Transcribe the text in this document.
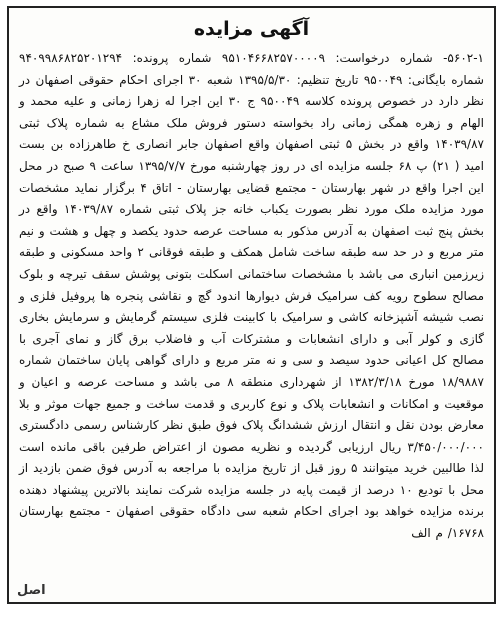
آگهی مزایده
۵۶۰۲-۱- شماره درخواست: ۹۵۱۰۴۶۶۸۲۵۷۰۰۰۰۹ شماره پرونده: ۹۴۰۹۹۸۶۸۲۵۲۰۱۲۹۴ شماره بایگانی: ۹۵۰۰۴۹ تاریخ تنظیم: ۱۳۹۵/۵/۳۰ شعبه ۳۰ اجرای احکام حقوقی اصفهان در نظر دارد در خصوص پرونده کلاسه ۹۵۰۰۴۹ ج ۳۰ این اجرا له زهرا زمانی و علیه محمد و الهام و زهره همگی زمانی راد بخواسته دستور فروش ملک مشاع به شماره پلاک ثبتی ۱۴۰۳۹/۸۷ واقع در بخش ۵ ثبتی اصفهان واقع اصفهان جابر انصاری خ طاهرزاده بن بست امید ( ۲۱) پ ۶۸ جلسه مزایده ای در روز چهارشنبه مورخ ۱۳۹۵/۷/۷ ساعت ۹ صبح در محل این اجرا واقع در شهر بهارستان - مجتمع قضایی بهارستان - اتاق ۴ برگزار نماید مشخصات مورد مزایده ملک مورد نظر بصورت یکباب خانه جز پلاک ثبتی شماره ۱۴۰۳۹/۸۷ واقع در بخش پنج ثبت اصفهان به آدرس مذکور به مساحت عرصه حدود یکصد و چهل و هشت و نیم متر مربع و در حد سه طبقه ساخت شامل همکف و طبقه فوقانی ۲ واحد مسکونی و طبقه زیرزمین انباری می باشد با مشخصات ساختمانی اسکلت بتونی پوشش سقف تیرچه و بلوک مصالح سطوح رویه کف سرامیک فرش دیوارها اندود گچ و نقاشی پنجره ها پروفیل فلزی و نصب شیشه آشپزخانه کاشی و سرامیک با کابینت فلزی سیستم گرمایش و سرمایش بخاری گازی و کولر آبی و دارای انشعابات و مشترکات آب و فاضلاب برق گاز و نمای آجری با مصالح کل اعیانی حدود سیصد و سی و نه متر مربع و دارای گواهی پایان ساختمان شماره ۱۸/۹۸۸۷ مورخ ۱۳۸۲/۳/۱۸ از شهرداری منطقه ۸ می باشد و مساحت عرصه و اعیان و موقعیت و امکانات و انشعابات پلاک و نوع کاربری و قدمت ساخت و جمیع جهات موثر و بلا معارض بودن نقل و انتقال ارزش ششدانگ پلاک فوق طبق نظر کارشناس رسمی دادگستری ۳/۴۵۰/۰۰۰/۰۰۰ ریال ارزیابی گردیده و نظریه مصون از اعتراض طرفین باقی مانده است لذا طالبین خرید میتوانند ۵ روز قبل از تاریخ مزایده با مراجعه به آدرس فوق ضمن بازدید از محل با تودیع ۱۰ درصد از قیمت پایه در جلسه مزایده شرکت نمایند بالاترین پیشنهاد دهنده برنده مزایده خواهد بود اجرای احکام شعبه سی دادگاه حقوقی اصفهان - مجتمع بهارستان ۱۶۷۶۸/ م الف
اصل
